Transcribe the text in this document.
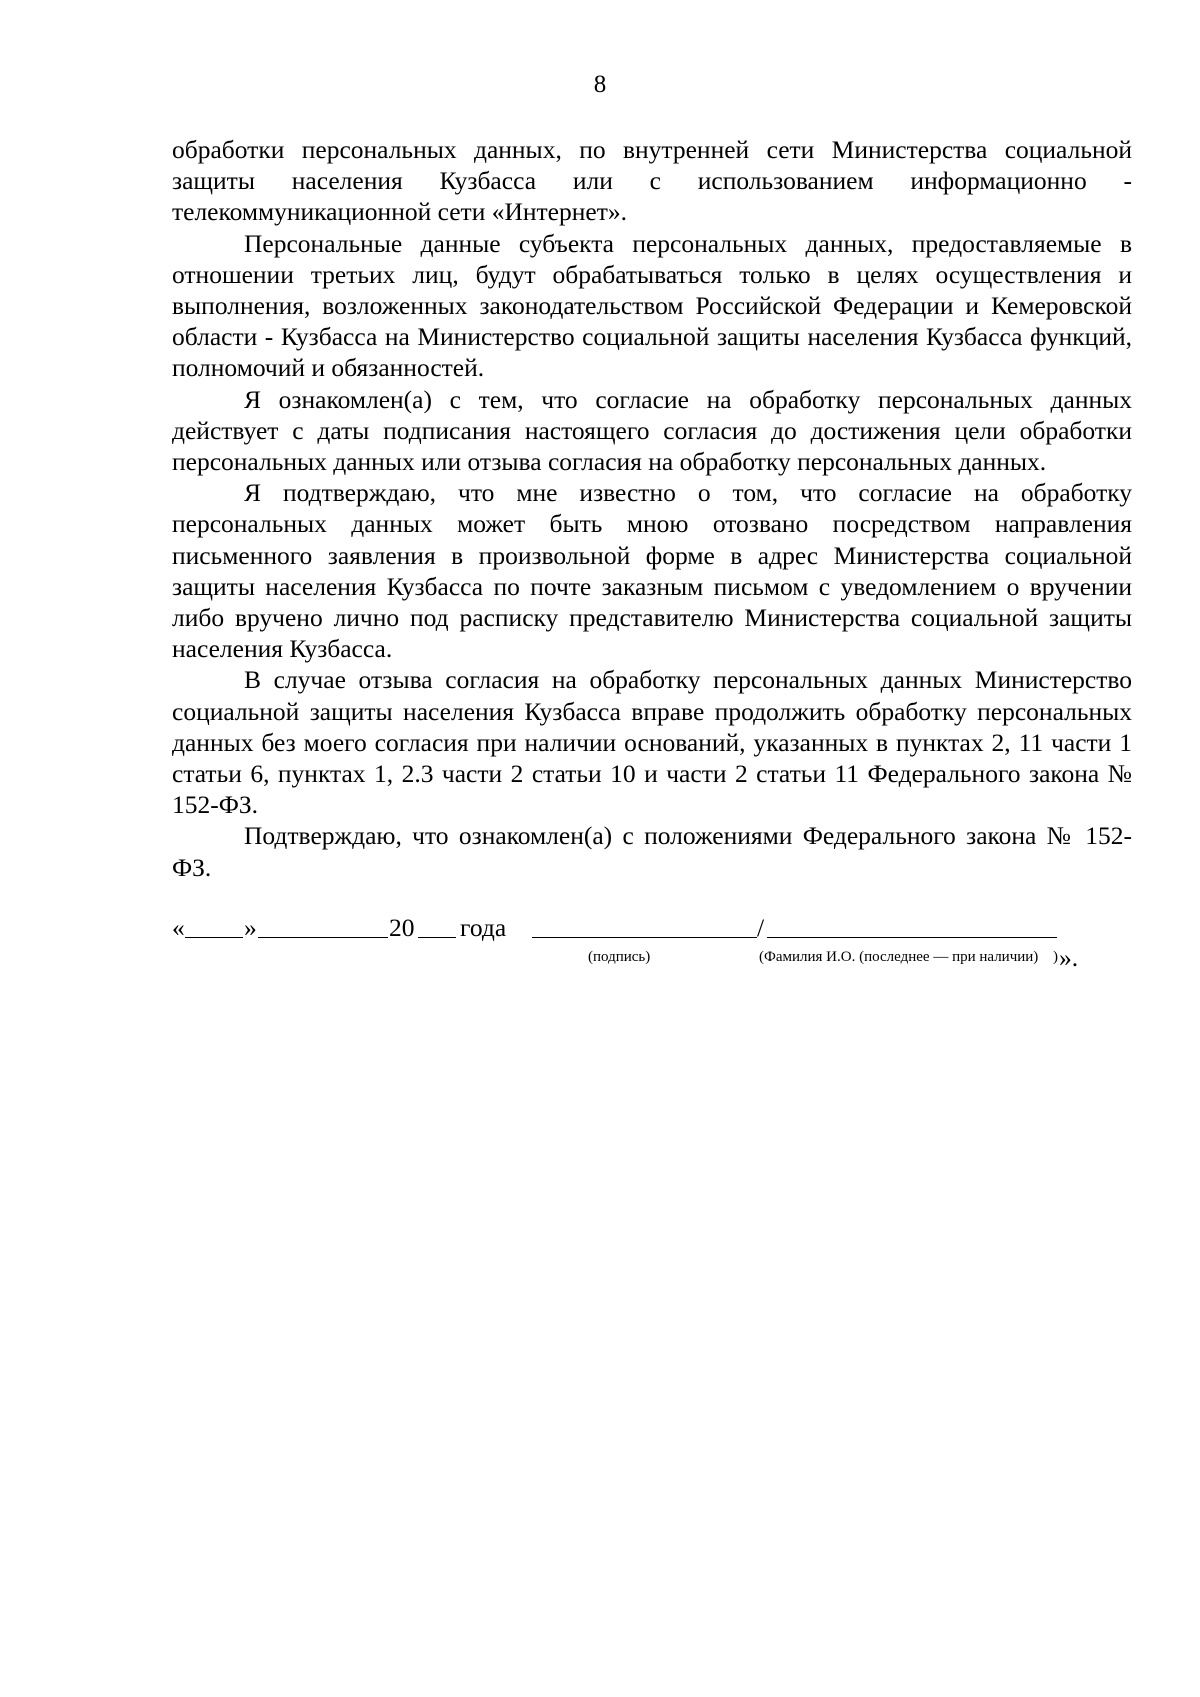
8

обработки персональных данных, по внутренней сети Министерства социальной защиты населения Кузбасса или с использованием информационно - телекоммуникационной сети «Интернет».

Персональные данные субъекта персональных данных, предоставляемые в отношении третьих лиц, будут обрабатываться только в целях осуществления и выполнения, возложенных законодательством Российской Федерации и Кемеровской области - Кузбасса на Министерство социальной защиты населения Кузбасса функций, полномочий и обязанностей.

Я ознакомлен(а) с тем, что согласие на обработку персональных данных действует с даты подписания настоящего согласия до достижения цели обработки персональных данных или отзыва согласия на обработку персональных данных.

Я подтверждаю, что мне известно о том, что согласие на обработку персональных данных может быть мною отозвано посредством направления письменного заявления в произвольной форме в адрес Министерства социальной защиты населения Кузбасса по почте заказным письмом с уведомлением о вручении либо вручено лично под расписку представителю Министерства социальной защиты населения Кузбасса.

В случае отзыва согласия на обработку персональных данных Министерство социальной защиты населения Кузбасса вправе продолжить обработку персональных данных без моего согласия при наличии оснований, указанных в пунктах 2, 11 части 1 статьи 6, пунктах 1, 2.3 части 2 статьи 10 и части 2 статьи 11 Федерального закона № 152-ФЗ.

Подтверждаю, что ознакомлен(а) с положениями Федерального закона № 152-ФЗ.

« »	20 года	/
(подпись)	(Фамилия И.О. (последнее — при наличии) ) ».
